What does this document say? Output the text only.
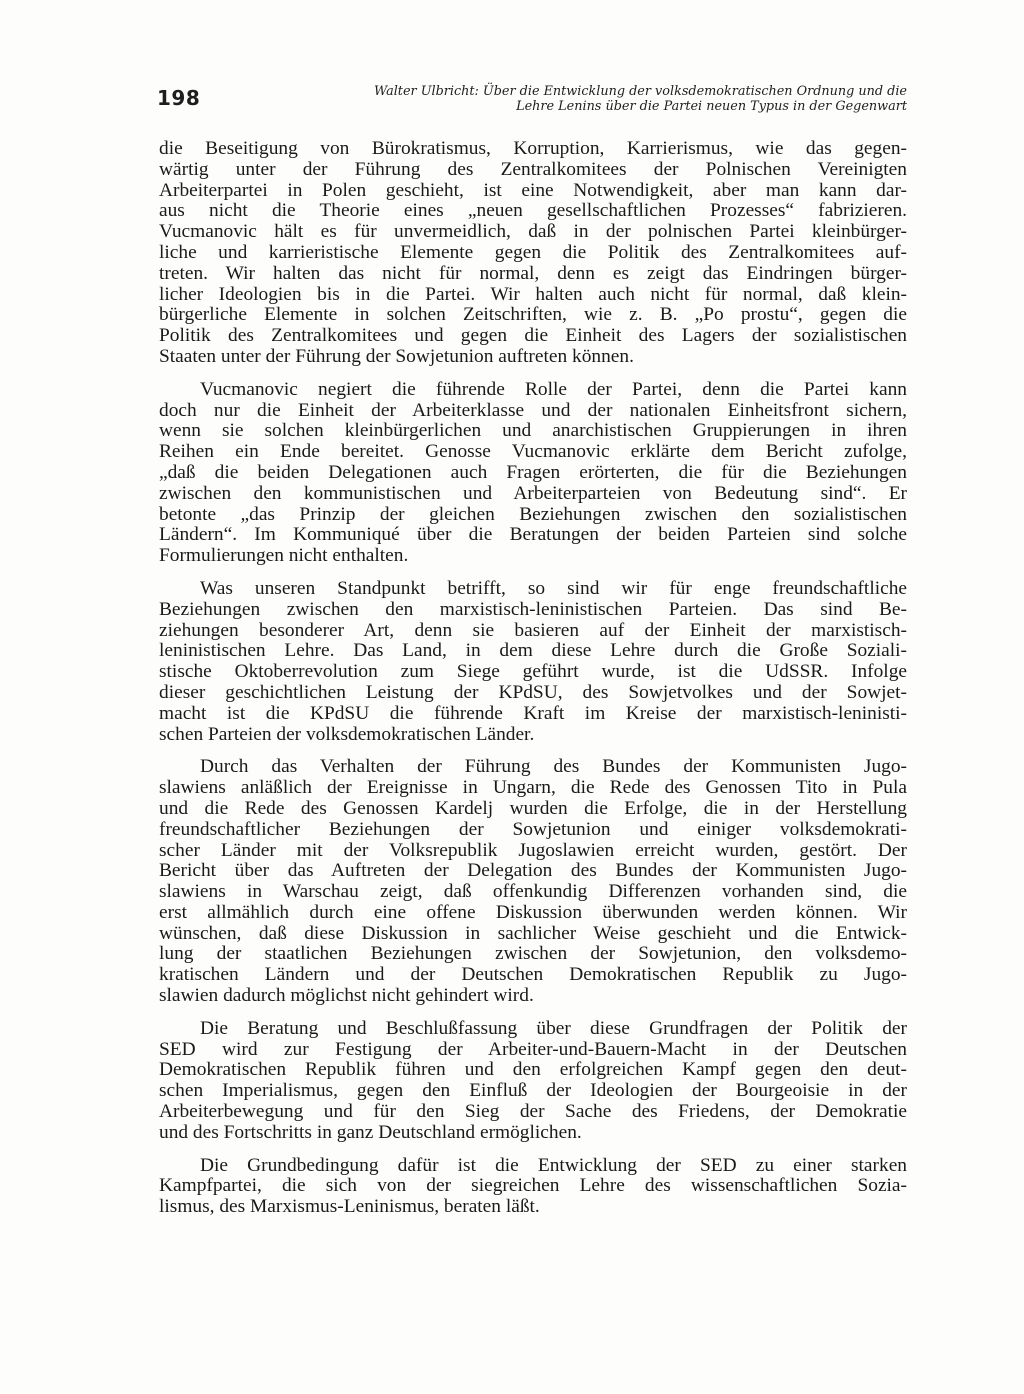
198	Walter Ulbricht: Über die Entwicklung der volksdemokratischen Ordnung und die
Lehre Lenins über die Partei neuen Typus in der Gegenwart
die Beseitigung von Bürokratismus, Korruption, Karrierismus, wie das gegen-
wärtig unter der Führung des Zentralkomitees der Polnischen Vereinigten
Arbeiterpartei in Polen geschieht, ist eine Notwendigkeit, aber man kann dar-
aus nicht die Theorie eines „neuen gesellschaftlichen Prozesses“ fabrizieren.
Vucmanovic hält es für unvermeidlich, daß in der polnischen Partei kleinbürger-
liche und karrieristische Elemente gegen die Politik des Zentralkomitees auf-
treten. Wir halten das nicht für normal, denn es zeigt das Eindringen bürger-
licher Ideologien bis in die Partei. Wir halten auch nicht für normal, daß klein-
bürgerliche Elemente in solchen Zeitschriften, wie z. B. „Po prostu“, gegen die
Politik des Zentralkomitees und gegen die Einheit des Lagers der sozialistischen
Staaten unter der Führung der Sowjetunion auftreten können.
Vucmanovic negiert die führende Rolle der Partei, denn die Partei kann
doch nur die Einheit der Arbeiterklasse und der nationalen Einheitsfront sichern,
wenn sie solchen kleinbürgerlichen und anarchistischen Gruppierungen in ihren
Reihen ein Ende bereitet. Genosse Vucmanovic erklärte dem Bericht zufolge,
„daß die beiden Delegationen auch Fragen erörterten, die für die Beziehungen
zwischen den kommunistischen und Arbeiterparteien von Bedeutung sind“. Er
betonte „das Prinzip der gleichen Beziehungen zwischen den sozialistischen
Ländern“. Im Kommuniqué über die Beratungen der beiden Parteien sind solche
Formulierungen nicht enthalten.
Was unseren Standpunkt betrifft, so sind wir für enge freundschaftliche
Beziehungen zwischen den marxistisch-leninistischen Parteien. Das sind Be-
ziehungen besonderer Art, denn sie basieren auf der Einheit der marxistisch-
leninistischen Lehre. Das Land, in dem diese Lehre durch die Große Soziali-
stische Oktoberrevolution zum Siege geführt wurde, ist die UdSSR. Infolge
dieser geschichtlichen Leistung der KPdSU, des Sowjetvolkes und der Sowjet-
macht ist die KPdSU die führende Kraft im Kreise der marxistisch-leninisti-
schen Parteien der volksdemokratischen Länder.
Durch das Verhalten der Führung des Bundes der Kommunisten Jugo-
slawiens anläßlich der Ereignisse in Ungarn, die Rede des Genossen Tito in Pula
und die Rede des Genossen Kardelj wurden die Erfolge, die in der Herstellung
freundschaftlicher Beziehungen der Sowjetunion und einiger volksdemokrati-
scher Länder mit der Volksrepublik Jugoslawien erreicht wurden, gestört. Der
Bericht über das Auftreten der Delegation des Bundes der Kommunisten Jugo-
slawiens in Warschau zeigt, daß offenkundig Differenzen vorhanden sind, die
erst allmählich durch eine offene Diskussion überwunden werden können. Wir
wünschen, daß diese Diskussion in sachlicher Weise geschieht und die Entwick-
lung der staatlichen Beziehungen zwischen der Sowjetunion, den volksdemo-
kratischen Ländern und der Deutschen Demokratischen Republik zu Jugo-
slawien dadurch möglichst nicht gehindert wird.
Die Beratung und Beschlußfassung über diese Grundfragen der Politik der
SED wird zur Festigung der Arbeiter-und-Bauern-Macht in der Deutschen
Demokratischen Republik führen und den erfolgreichen Kampf gegen den deut-
schen Imperialismus, gegen den Einfluß der Ideologien der Bourgeoisie in der
Arbeiterbewegung und für den Sieg der Sache des Friedens, der Demokratie
und des Fortschritts in ganz Deutschland ermöglichen.
Die Grundbedingung dafür ist die Entwicklung der SED zu einer starken
Kampfpartei, die sich von der siegreichen Lehre des wissenschaftlichen Sozia-
lismus, des Marxismus-Leninismus, beraten läßt.
